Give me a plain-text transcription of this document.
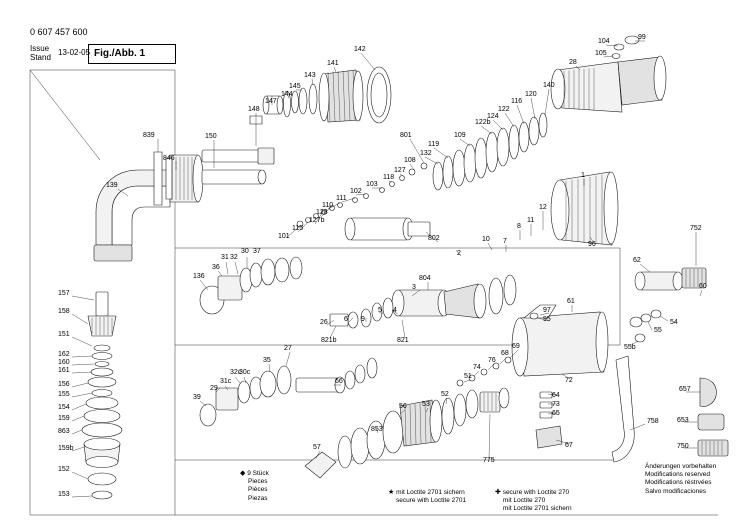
0 607 457 600
Issue
Stand
13-02-05 Fig./Abb. 1
839
846
139
150
148
147
144
145
143
141
142
104
105
99
28
140
120
116
122
124
122b
109
119
801
132
108
127
118
103
102
111
110
128
127b
115
101
1
96
752
62
60
54
55
55b
802
2
10 7
8
11
12
804
3
26 6 9
5 4
821
821b
97
95
61
72
64
73
65
67
758
657
653
750
136
36
31 32
30 37
39
29
31c
32c
30c
35
27
66
57
853
56 53
52
51
74
76
68
69
775
157
158
151
162
160
161
156
155
154
159
863
159b
152
153
◆ 9 Stück
Pieces
Pièces
Piezas
★ mit Loctite 2701 sichern
secure with Loctite 2701
✚ secure with Loctite 270
mit Loctite 270
mit Loctite 2701 sichern
Änderungen vorbehalten
Modifications reserved
Modifications réstrvées
Salvo modificaciones
